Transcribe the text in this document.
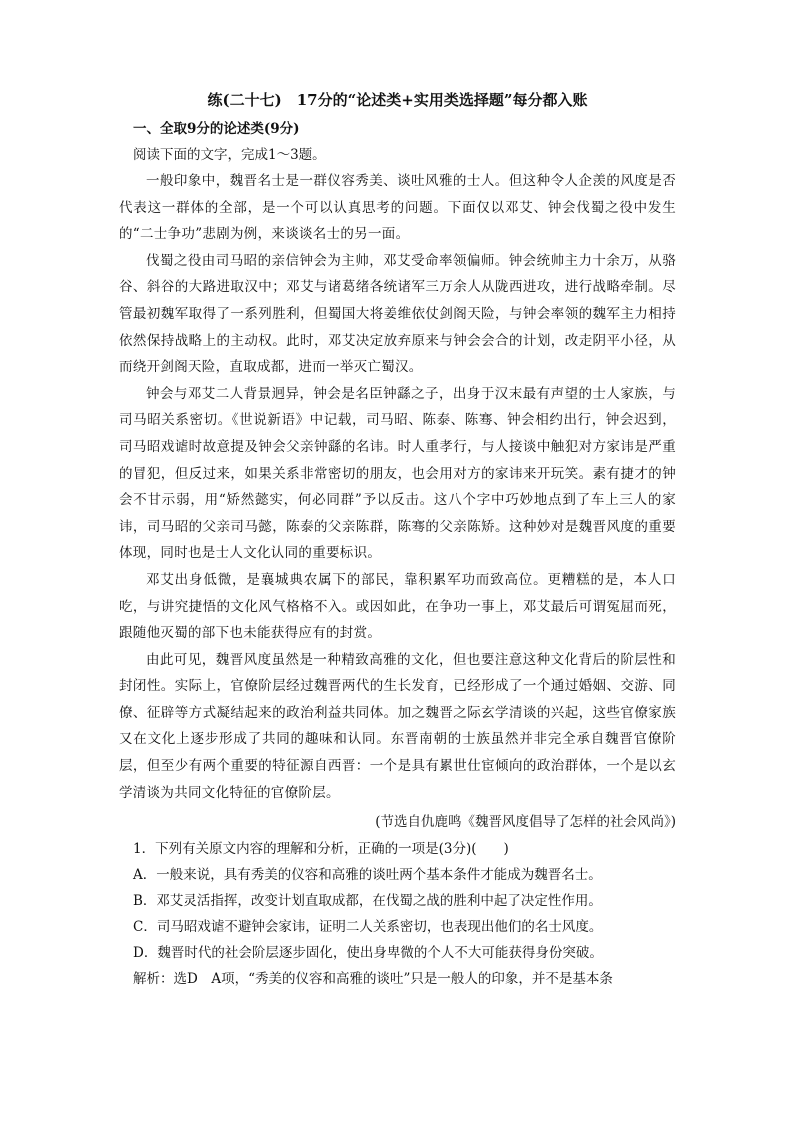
练(二十七)　17分的“论述类+实用类选择题”每分都入账
一、全取9分的论述类(9分)
阅读下面的文字，完成1～3题。
一般印象中，魏晋名士是一群仪容秀美、谈吐风雅的士人。但这种令人企羡的风度是否代表这一群体的全部，是一个可以认真思考的问题。下面仅以邓艾、钟会伐蜀之役中发生的“二士争功”悲剧为例，来谈谈名士的另一面。
伐蜀之役由司马昭的亲信钟会为主帅，邓艾受命率领偏师。钟会统帅主力十余万，从骆谷、斜谷的大路进取汉中；邓艾与诸葛绪各统诸军三万余人从陇西进攻，进行战略牵制。尽管最初魏军取得了一系列胜利，但蜀国大将姜维依仗剑阁天险，与钟会率领的魏军主力相持依然保持战略上的主动权。此时，邓艾决定放弃原来与钟会会合的计划，改走阴平小径，从而绕开剑阁天险，直取成都，进而一举灭亡蜀汉。
钟会与邓艾二人背景迥异，钟会是名臣钟繇之子，出身于汉末最有声望的士人家族，与司马昭关系密切。《世说新语》中记载，司马昭、陈泰、陈骞、钟会相约出行，钟会迟到，司马昭戏谑时故意提及钟会父亲钟繇的名讳。时人重孝行，与人接谈中触犯对方家讳是严重的冒犯，但反过来，如果关系非常密切的朋友，也会用对方的家讳来开玩笑。素有捷才的钟会不甘示弱，用“矫然懿实，何必同群”予以反击。这八个字中巧妙地点到了车上三人的家讳，司马昭的父亲司马懿，陈泰的父亲陈群，陈骞的父亲陈矫。这种妙对是魏晋风度的重要体现，同时也是士人文化认同的重要标识。
邓艾出身低微，是襄城典农属下的部民，靠积累军功而致高位。更糟糕的是，本人口吃，与讲究捷悟的文化风气格格不入。或因如此，在争功一事上，邓艾最后可谓冤屈而死，跟随他灭蜀的部下也未能获得应有的封赏。
由此可见，魏晋风度虽然是一种精致高雅的文化，但也要注意这种文化背后的阶层性和封闭性。实际上，官僚阶层经过魏晋两代的生长发育，已经形成了一个通过婚姻、交游、同僚、征辟等方式凝结起来的政治利益共同体。加之魏晋之际玄学清谈的兴起，这些官僚家族又在文化上逐步形成了共同的趣味和认同。东晋南朝的士族虽然并非完全承自魏晋官僚阶层，但至少有两个重要的特征源自西晋：一个是具有累世仕宦倾向的政治群体，一个是以玄学清谈为共同文化特征的官僚阶层。
(节选自仇鹿鸣《魏晋风度倡导了怎样的社会风尚》)
1．下列有关原文内容的理解和分析，正确的一项是(3分)(　　)
A．一般来说，具有秀美的仪容和高雅的谈吐两个基本条件才能成为魏晋名士。
B．邓艾灵活指挥，改变计划直取成都，在伐蜀之战的胜利中起了决定性作用。
C．司马昭戏谑不避钟会家讳，证明二人关系密切，也表现出他们的名士风度。
D．魏晋时代的社会阶层逐步固化，使出身卑微的个人不大可能获得身份突破。
解析：选D　A项，“秀美的仪容和高雅的谈吐”只是一般人的印象，并不是基本条
